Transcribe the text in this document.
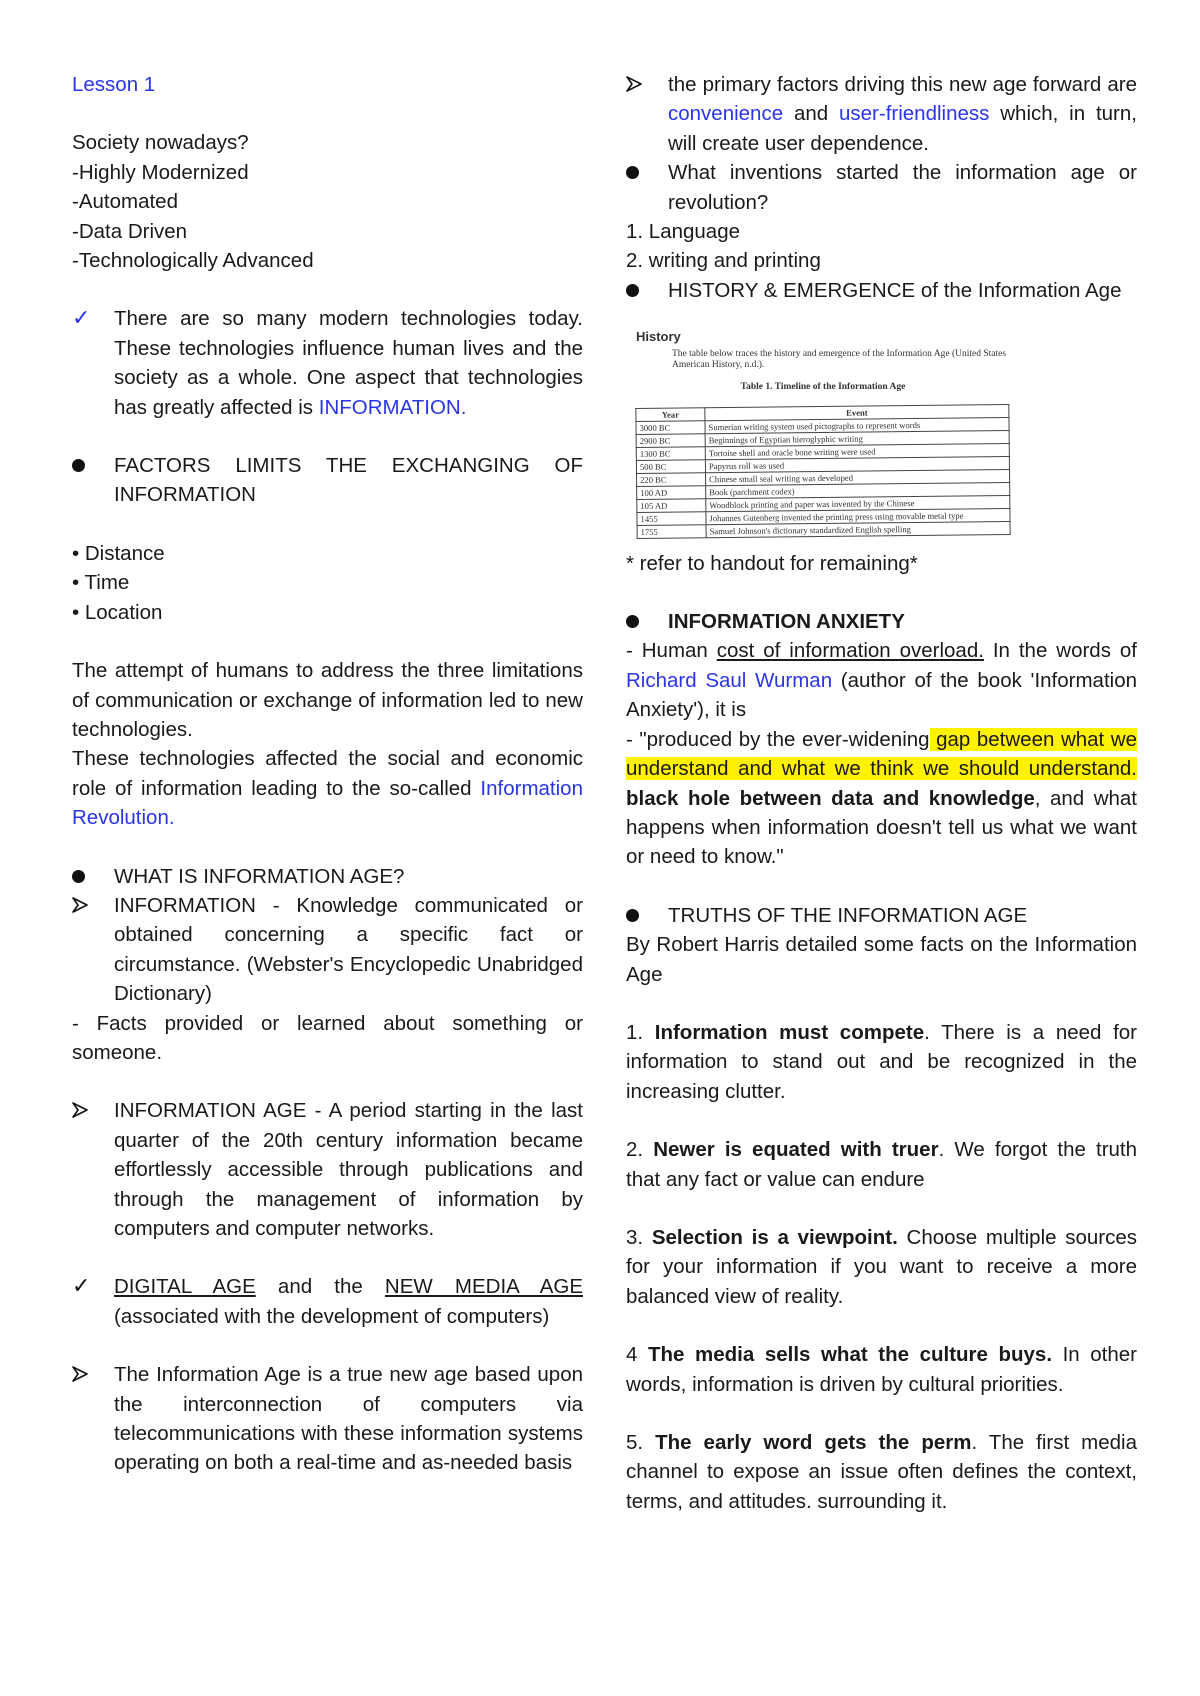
Lesson 1

Society nowadays?

-Highly Modernized

-Automated

-Data Driven

-Technologically Advanced

✓	There are so many modern technologies today. These technologies influence human lives and the society as a whole. One aspect that technologies has greatly affected is INFORMATION.
FACTORS LIMITS THE EXCHANGING OF INFORMATION

• Distance

• Time

• Location

The attempt of humans to address the three limitations of communication or exchange of information led to new technologies.

These technologies affected the social and economic role of information leading to the so-called Information Revolution.

WHAT IS INFORMATION AGE?
INFORMATION - Knowledge communicated or obtained concerning a specific fact or circumstance. (Webster's Encyclopedic Unabridged Dictionary)

- Facts provided or learned about something or someone.

INFORMATION AGE - A period starting in the last quarter of the 20th century information became effortlessly accessible through publications and through the management of information by computers and computer networks.
✓	DIGITAL AGE and the NEW MEDIA AGE (associated with the development of computers)
The Information Age is a true new age based upon the interconnection of computers via telecommunications with these information systems operating on both a real-time and as-needed basis
the primary factors driving this new age forward are convenience and user-friendliness which, in turn, will create user dependence.
What inventions started the information age or revolution?

1. Language

2. writing and printing

HISTORY & EMERGENCE of the Information Age
History
The table below traces the history and emergence of the Information Age (United States American History, n.d.).
Table 1. Timeline of the Information Age
Year	Event
3000 BC	Sumerian writing system used pictographs to represent words
2900 BC	Beginnings of Egyptian hieroglyphic writing
1300 BC	Tortoise shell and oracle bone writing were used
500 BC	Papyrus roll was used
220 BC	Chinese small seal writing was developed
100 AD	Book (parchment codex)
105 AD	Woodblock printing and paper was invented by the Chinese
1455	Johannes Gutenberg invented the printing press using movable metal type
1755	Samuel Johnson's dictionary standardized English spelling

* refer to handout for remaining*

INFORMATION ANXIETY

- Human cost of information overload. In the words of Richard Saul Wurman (author of the book 'Information Anxiety'), it is

- "produced by the ever-widening gap between what we understand and what we think we should understand. black hole between data and knowledge, and what happens when information doesn't tell us what we want or need to know."

TRUTHS OF THE INFORMATION AGE

By Robert Harris detailed some facts on the Information Age

1. Information must compete. There is a need for information to stand out and be recognized in the increasing clutter.

2. Newer is equated with truer. We forgot the truth that any fact or value can endure

3. Selection is a viewpoint. Choose multiple sources for your information if you want to receive a more balanced view of reality.

4 The media sells what the culture buys. In other words, information is driven by cultural priorities.

5. The early word gets the perm. The first media channel to expose an issue often defines the context, terms, and attitudes. surrounding it.
